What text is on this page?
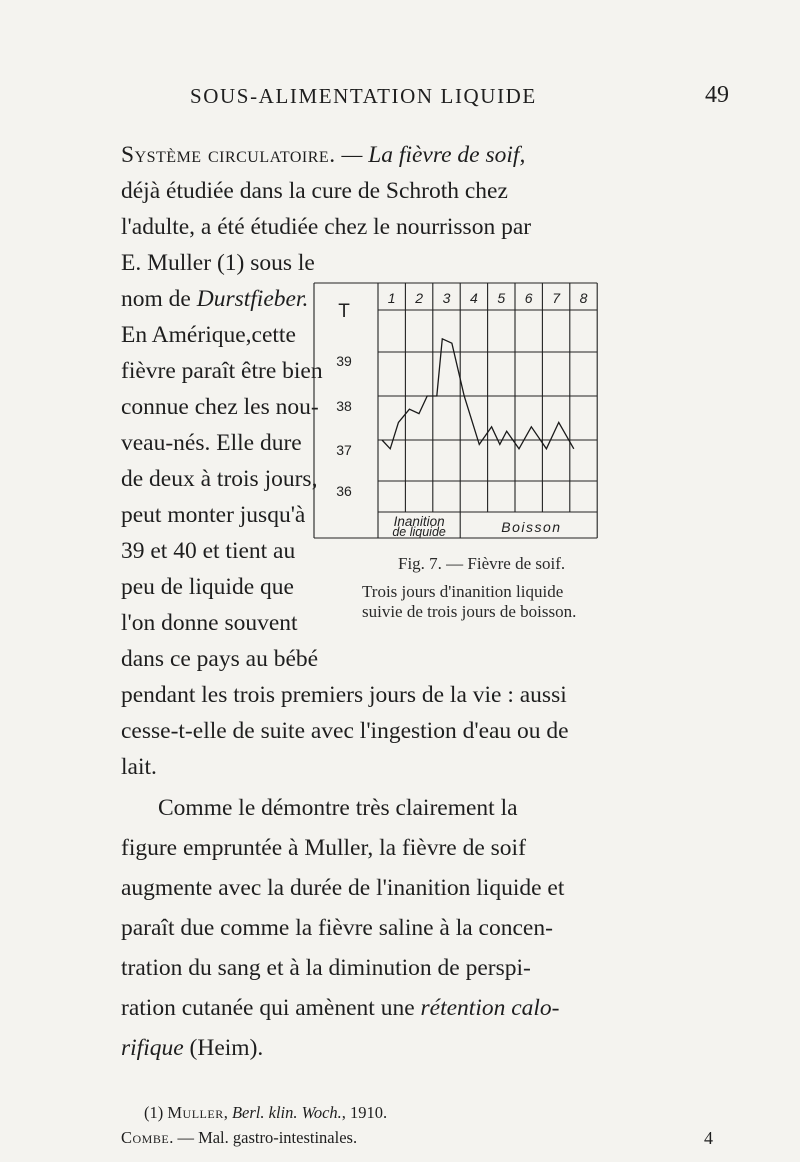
SOUS-ALIMENTATION LIQUIDE	49
Système circulatoire. — La fièvre de soif,
déjà étudiée dans la cure de Schroth chez
l'adulte, a été étudiée chez le nourrisson par
E. Muller (1) sous le
nom de Durstfieber.
En Amérique,cette
fièvre paraît être bien
connue chez les nou-
veau-nés. Elle dure
de deux à trois jours,
peut monter jusqu'à
39 et 40 et tient au
peu de liquide que
l'on donne souvent
dans ce pays au bébé
pendant les trois premiers jours de la vie : aussi
cesse-t-elle de suite avec l'ingestion d'eau ou de
lait.
Comme le démontre très clairement la
figure empruntée à Muller, la fièvre de soif
augmente avec la durée de l'inanition liquide et
paraît due comme la fièvre saline à la concen-
tration du sang et à la diminution de perspi-
ration cutanée qui amènent une rétention calo-
rifique (Heim).
T
39
38
37
36
1 2 3 4 5 6 7 8
Inanition
de liquide	Boisson
Fig. 7. — Fièvre de soif.
Trois jours d'inanition liquide
suivie de trois jours de boisson.
(1) Muller, Berl. klin. Woch., 1910.
Combe. — Mal. gastro-intestinales.	4
